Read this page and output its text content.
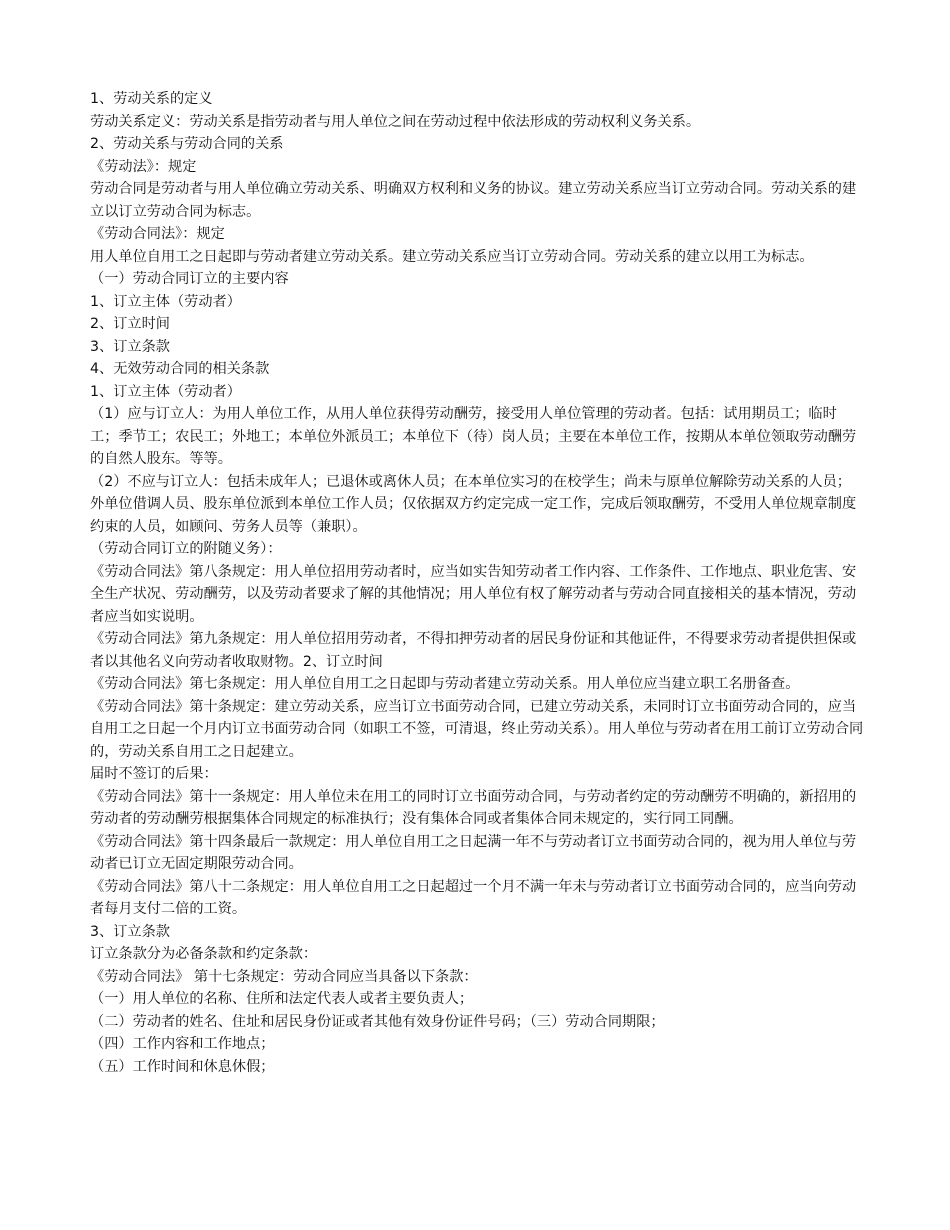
1、劳动关系的定义

劳动关系定义：劳动关系是指劳动者与用人单位之间在劳动过程中依法形成的劳动权利义务关系。

2、劳动关系与劳动合同的关系

《劳动法》：规定

劳动合同是劳动者与用人单位确立劳动关系、明确双方权利和义务的协议。建立劳动关系应当订立劳动合同。劳动关系的建立以订立劳动合同为标志。

《劳动合同法》：规定

用人单位自用工之日起即与劳动者建立劳动关系。建立劳动关系应当订立劳动合同。劳动关系的建立以用工为标志。

（一）劳动合同订立的主要内容

1、订立主体（劳动者）

2、订立时间

3、订立条款

4、无效劳动合同的相关条款

1、订立主体（劳动者）

（1）应与订立人：为用人单位工作，从用人单位获得劳动酬劳，接受用人单位管理的劳动者。包括：试用期员工；临时工；季节工；农民工；外地工；本单位外派员工；本单位下（待）岗人员；主要在本单位工作，按期从本单位领取劳动酬劳的自然人股东。等等。

（2）不应与订立人：包括未成年人；已退休或离休人员；在本单位实习的在校学生；尚未与原单位解除劳动关系的人员；外单位借调人员、股东单位派到本单位工作人员；仅依据双方约定完成一定工作，完成后领取酬劳，不受用人单位规章制度约束的人员，如顾问、劳务人员等（兼职）。

（劳动合同订立的附随义务）：

《劳动合同法》第八条规定：用人单位招用劳动者时，应当如实告知劳动者工作内容、工作条件、工作地点、职业危害、安全生产状况、劳动酬劳，以及劳动者要求了解的其他情况；用人单位有权了解劳动者与劳动合同直接相关的基本情况，劳动者应当如实说明。

《劳动合同法》第九条规定：用人单位招用劳动者，不得扣押劳动者的居民身份证和其他证件，不得要求劳动者提供担保或者以其他名义向劳动者收取财物。2、订立时间

《劳动合同法》第七条规定：用人单位自用工之日起即与劳动者建立劳动关系。用人单位应当建立职工名册备查。

《劳动合同法》第十条规定：建立劳动关系，应当订立书面劳动合同，已建立劳动关系，未同时订立书面劳动合同的，应当自用工之日起一个月内订立书面劳动合同（如职工不签，可清退，终止劳动关系）。用人单位与劳动者在用工前订立劳动合同的，劳动关系自用工之日起建立。

届时不签订的后果：

《劳动合同法》第十一条规定：用人单位未在用工的同时订立书面劳动合同，与劳动者约定的劳动酬劳不明确的，新招用的劳动者的劳动酬劳根据集体合同规定的标准执行；没有集体合同或者集体合同未规定的，实行同工同酬。

《劳动合同法》第十四条最后一款规定：用人单位自用工之日起满一年不与劳动者订立书面劳动合同的，视为用人单位与劳动者已订立无固定期限劳动合同。

《劳动合同法》第八十二条规定：用人单位自用工之日起超过一个月不满一年未与劳动者订立书面劳动合同的，应当向劳动者每月支付二倍的工资。

3、订立条款

订立条款分为必备条款和约定条款：

《劳动合同法》 第十七条规定：劳动合同应当具备以下条款：

（一）用人单位的名称、住所和法定代表人或者主要负责人；

（二）劳动者的姓名、住址和居民身份证或者其他有效身份证件号码；（三）劳动合同期限；

（四）工作内容和工作地点；

（五）工作时间和休息休假；
